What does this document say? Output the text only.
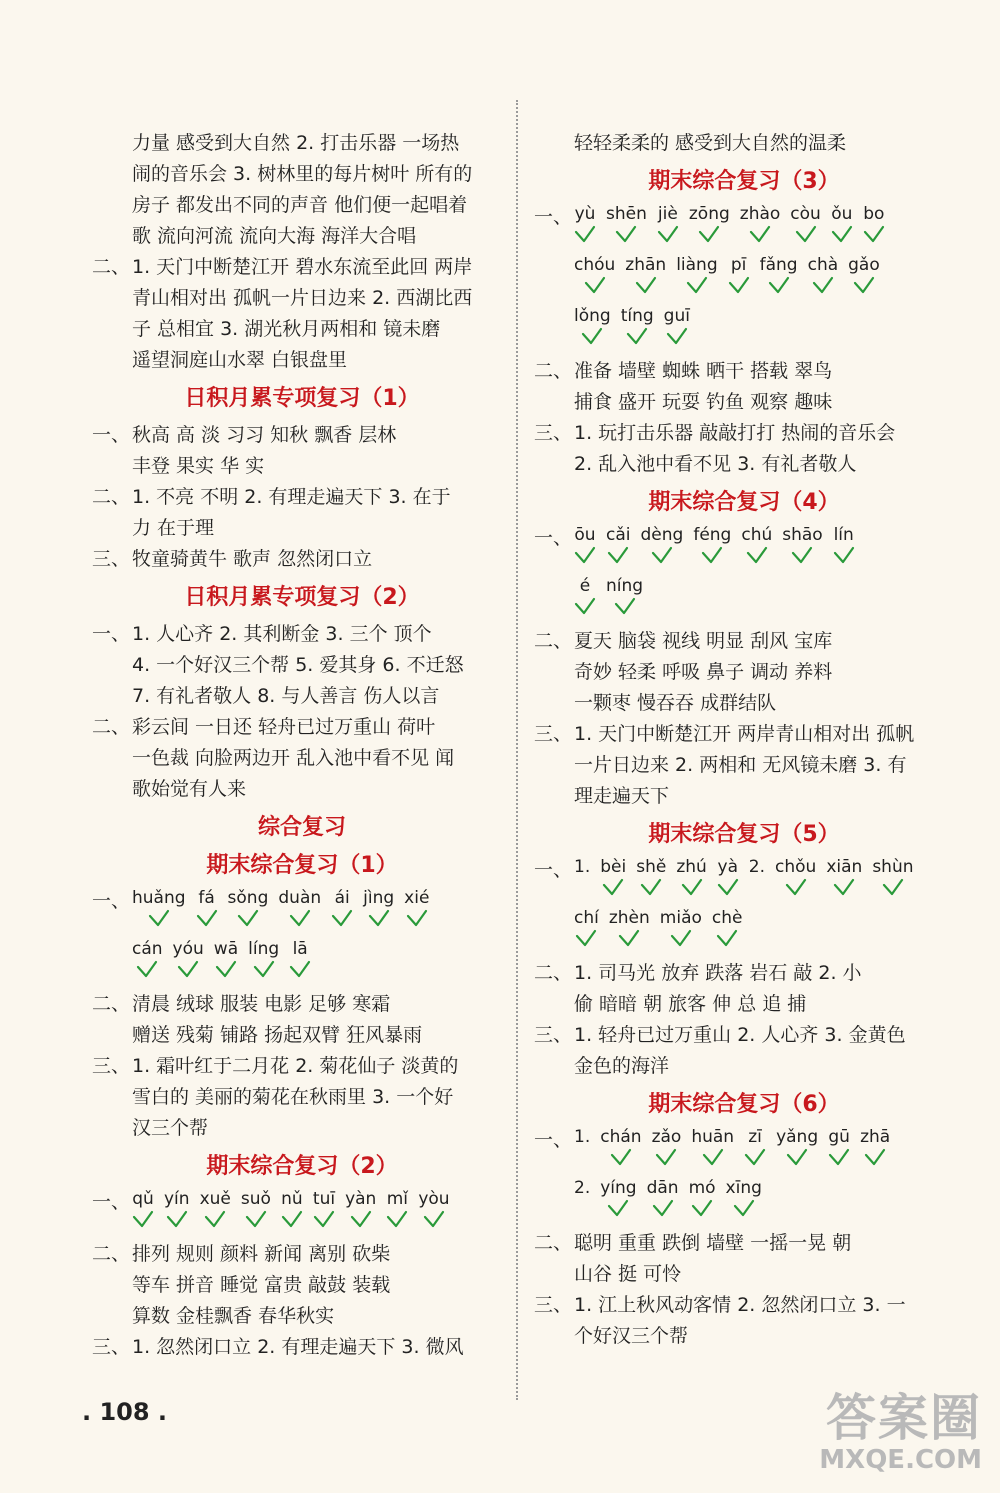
力量 感受到大自然 2. 打击乐器 一场热
闹的音乐会 3. 树林里的每片树叶 所有的
房子 都发出不同的声音 他们便一起唱着
歌 流向河流 流向大海 海洋大合唱
二、 1. 天门中断楚江开 碧水东流至此回 两岸
青山相对出 孤帆一片日边来 2. 西湖比西
子 总相宜 3. 湖光秋月两相和 镜未磨
遥望洞庭山水翠 白银盘里
日积月累专项复习（1）
一、 秋高 高 淡 习习 知秋 飘香 层林
丰登 果实 华 实
二、 1. 不亮 不明 2. 有理走遍天下 3. 在于
力 在于理
三、 牧童骑黄牛 歌声 忽然闭口立
日积月累专项复习（2）
一、 1. 人心齐 2. 其利断金 3. 三个 顶个
4. 一个好汉三个帮 5. 爱其身 6. 不迁怒
7. 有礼者敬人 8. 与人善言 伤人以言
二、 彩云间 一日还 轻舟已过万重山 荷叶
一色裁 向脸两边开 乱入池中看不见 闻
歌始觉有人来
综合复习
期末综合复习（1）
一、 huǎng fá sǒng duàn ái jìng xié
cán yóu wā líng lā
二、 清晨 绒球 服装 电影 足够 寒霜
赠送 残菊 铺路 扬起双臂 狂风暴雨
三、 1. 霜叶红于二月花 2. 菊花仙子 淡黄的
雪白的 美丽的菊花在秋雨里 3. 一个好
汉三个帮
期末综合复习（2）
一、 qǔ yín xuě suǒ nǔ tuī yàn mǐ yòu
二、 排列 规则 颜料 新闻 离别 砍柴
等车 拼音 睡觉 富贵 敲鼓 装载
算数 金桂飘香 春华秋实
三、 1. 忽然闭口立 2. 有理走遍天下 3. 微风
轻轻柔柔的 感受到大自然的温柔
期末综合复习（3）
一、 yù shēn jiè zōng zhào còu ǒu bo
chóu zhān liàng pī fǎng chà gǎo
lǒng tíng guī
二、 准备 墙壁 蜘蛛 晒干 搭载 翠鸟
捕食 盛开 玩耍 钓鱼 观察 趣味
三、 1. 玩打击乐器 敲敲打打 热闹的音乐会
2. 乱入池中看不见 3. 有礼者敬人
期末综合复习（4）
一、 ōu cǎi dèng féng chú shāo lín
é níng
二、 夏天 脑袋 视线 明显 刮风 宝库
奇妙 轻柔 呼吸 鼻子 调动 养料
一颗枣 慢吞吞 成群结队
三、 1. 天门中断楚江开 两岸青山相对出 孤帆
一片日边来 2. 两相和 无风镜未磨 3. 有
理走遍天下
期末综合复习（5）
一、 1. bèi shě zhú yà 2. chǒu xiān shùn
chí zhèn miǎo chè
二、 1. 司马光 放弃 跌落 岩石 敲 2. 小
偷 暗暗 朝 旅客 伸 总 追 捕
三、 1. 轻舟已过万重山 2. 人心齐 3. 金黄色
金色的海洋
期末综合复习（6）
一、 1. chán zǎo huān zī yǎng gū zhā
2. yíng dān mó xīng
二、 聪明 重重 跌倒 墙壁 一摇一晃 朝
山谷 挺 可怜
三、 1. 江上秋风动客情 2. 忽然闭口立 3. 一
个好汉三个帮
. 108 .	答案圈
MXQE.COM
